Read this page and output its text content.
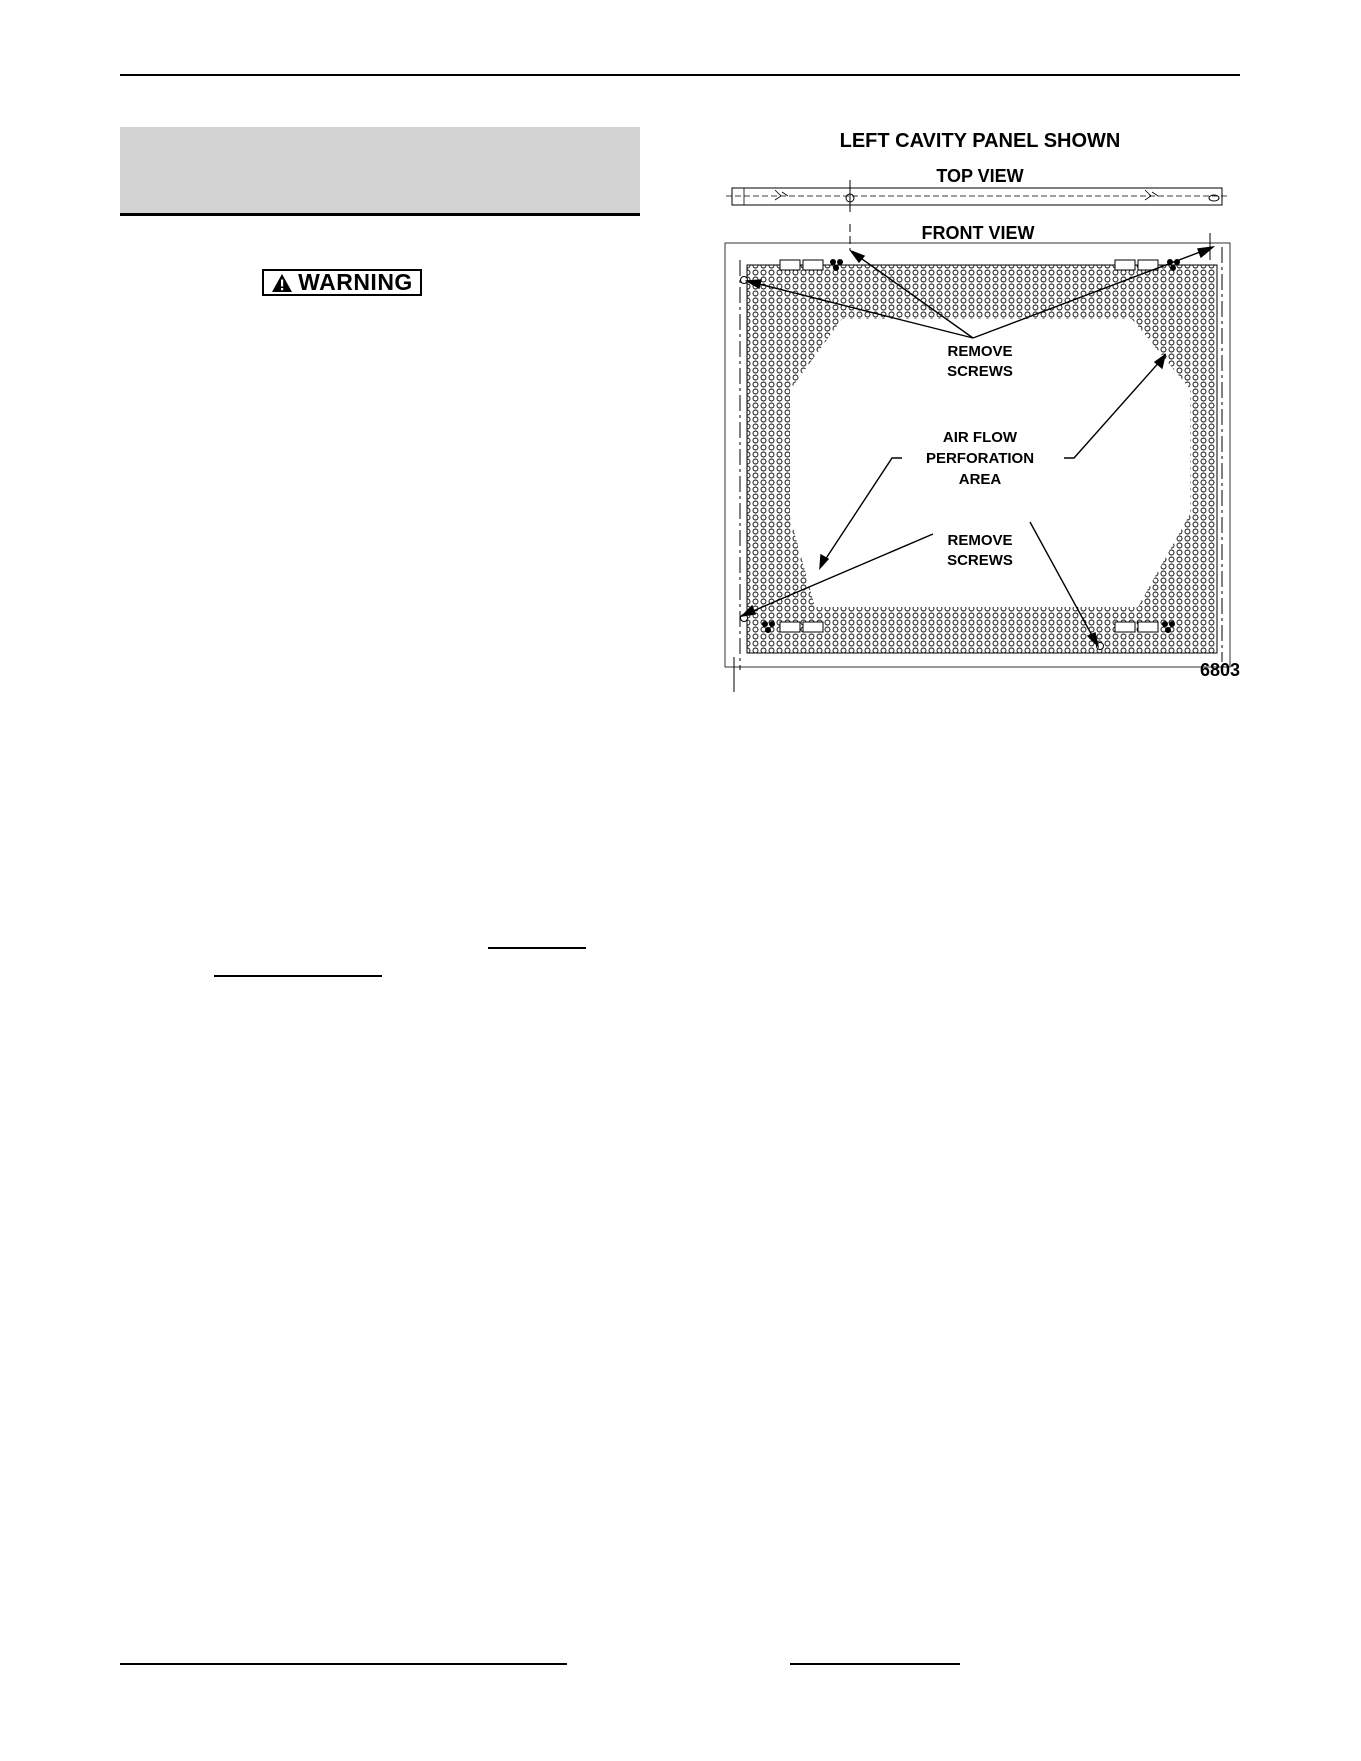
WARNING
LEFT CAVITY PANEL SHOWN
TOP VIEW
FRONT VIEW
REMOVE
SCREWS
AIR FLOW
PERFORATION
AREA
REMOVE
SCREWS
6803
